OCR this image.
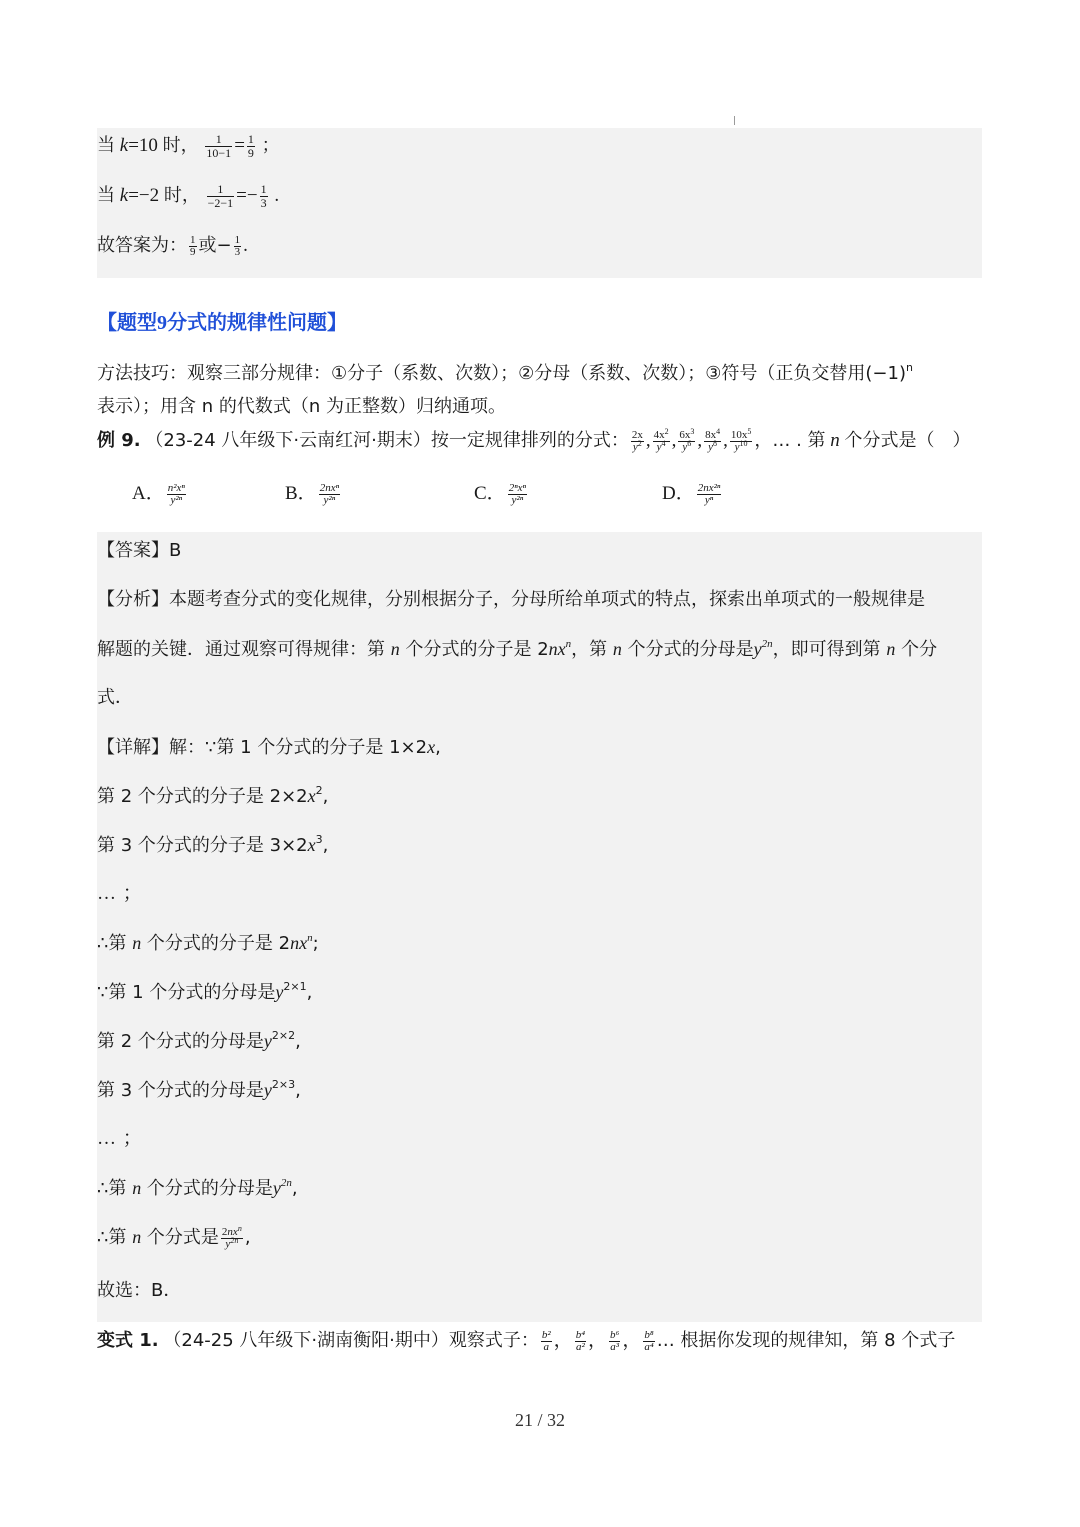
当 k=10 时， $\frac{1}{10-1} = \frac{1}{9}$ ；
当 k=−2 时， $\frac{1}{-2-1} =- \frac{1}{3}$ .
故答案为： $\frac{1}{9}$ 或− $\frac{1}{3}$ .
【题型9分式的规律性问题】
方法技巧：观察三部分规律：①分子（系数、次数）；②分母（系数、次数）；③符号（正负交替用$(-1)^n$
表示）；用含 n 的代数式（n 为正整数）归纳通项。
例 9. （23-24 八年级下·云南红河·期末）按一定规律排列的分式： $\frac{2x}{y^2}$ , $\frac{4x^2}{y^4}$ , $\frac{6x^3}{y^6}$ , $\frac{8x^4}{y^8}$ , $\frac{10x^5}{y^{10}}$ ，… . 第 n 个分式是（　）
A． $\frac{\text{n²xⁿ}}{\text{y²ⁿ}}$	B． $\frac{\text{2nxⁿ}}{\text{y²ⁿ}}$	C． $\frac{\text{2ⁿxⁿ}}{\text{y²ⁿ}}$	D． $\frac{\text{2nx²ⁿ}}{\text{yⁿ}}$
【答案】B
【分析】本题考查分式的变化规律，分别根据分子，分母所给单项式的特点，探索出单项式的一般规律是
解题的关键．通过观察可得规律：第 n 个分式的分子是 $2nx^n$，第 n 个分式的分母是$y^{2n}$，即可得到第 n 个分
式．
【详解】解：∵第 1 个分式的分子是 1×2x,
第 2 个分式的分子是 $2\times 2x^2$,
第 3 个分式的分子是 $3\times 2x^3$,
… ；
∴第 n 个分式的分子是 $2nx^n$;
∵第 1 个分式的分母是$y^{2\times 1}$,
第 2 个分式的分母是$y^{2\times 2}$,
第 3 个分式的分母是$y^{2\times 3}$,
… ；
∴第 n 个分式的分母是$y^{2n}$,
∴第 n 个分式是 $\frac{2nx^n}{y^{2n}}$ ,
故选：B．
变式 1. （24-25 八年级下·湖南衡阳·期中）观察式子： $\frac{\text{b²}}{a}$ ， $\frac{\text{b⁴}}{\text{a²}}$ ， $\frac{\text{b⁶}}{\text{a³}}$ ， $\frac{\text{b⁸}}{\text{a⁴}}$ … 根据你发现的规律知，第 8 个式子
21 / 32
